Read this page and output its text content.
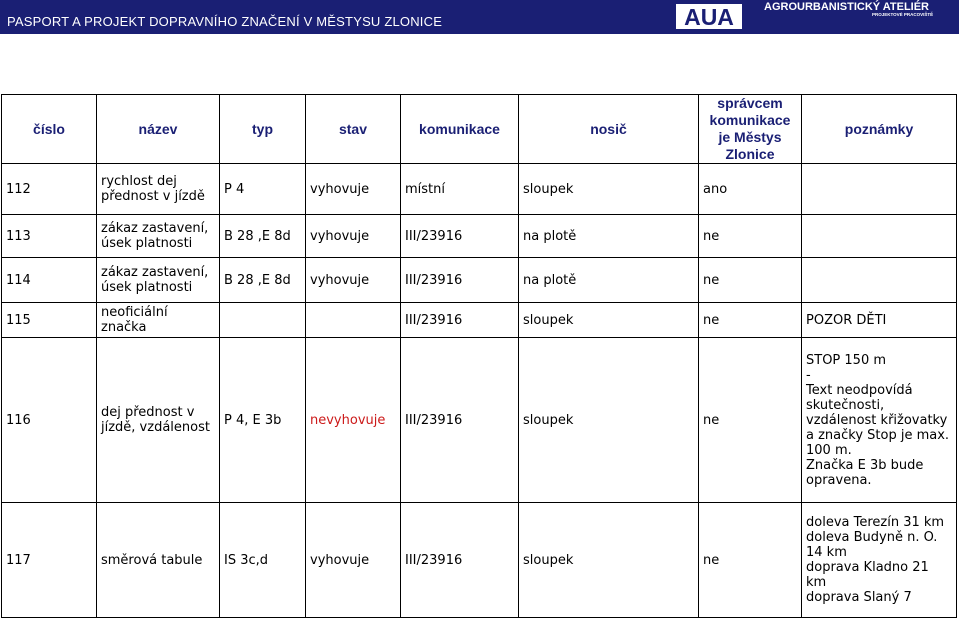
PASPORT A PROJEKT DOPRAVNÍHO ZNAČENÍ V MĚSTYSU ZLONICE	AUA	AGROURBANISTICKÝ ATELIÉR
PROJEKTOVÉ PRACOVIŠTĚ
číslo	název	typ	stav	komunikace	nosič	správcem komunikace je Městys Zlonice	poznámky
112	rychlost dej přednost v jízdě	P 4	vyhovuje	místní	sloupek	ano	
113	zákaz zastavení, úsek platnosti	B 28 ,E 8d	vyhovuje	III/23916	na plotě	ne	
114	zákaz zastavení, úsek platnosti	B 28 ,E 8d	vyhovuje	III/23916	na plotě	ne	
115	neoficiální značka			III/23916	sloupek	ne	POZOR DĚTI
116	dej přednost v jízdě, vzdálenost	P 4, E 3b	nevyhovuje	III/23916	sloupek	ne	STOP 150 m
-
Text neodpovídá skutečnosti, vzdálenost křižovatky a značky Stop je max. 100 m.
Značka E 3b bude opravena.

117	směrová tabule	IS 3c,d	vyhovuje	III/23916	sloupek	ne	doleva Terezín 31 km
doleva Budyně n. O. 14 km
doprava Kladno 21 km
doprava Slaný 7
